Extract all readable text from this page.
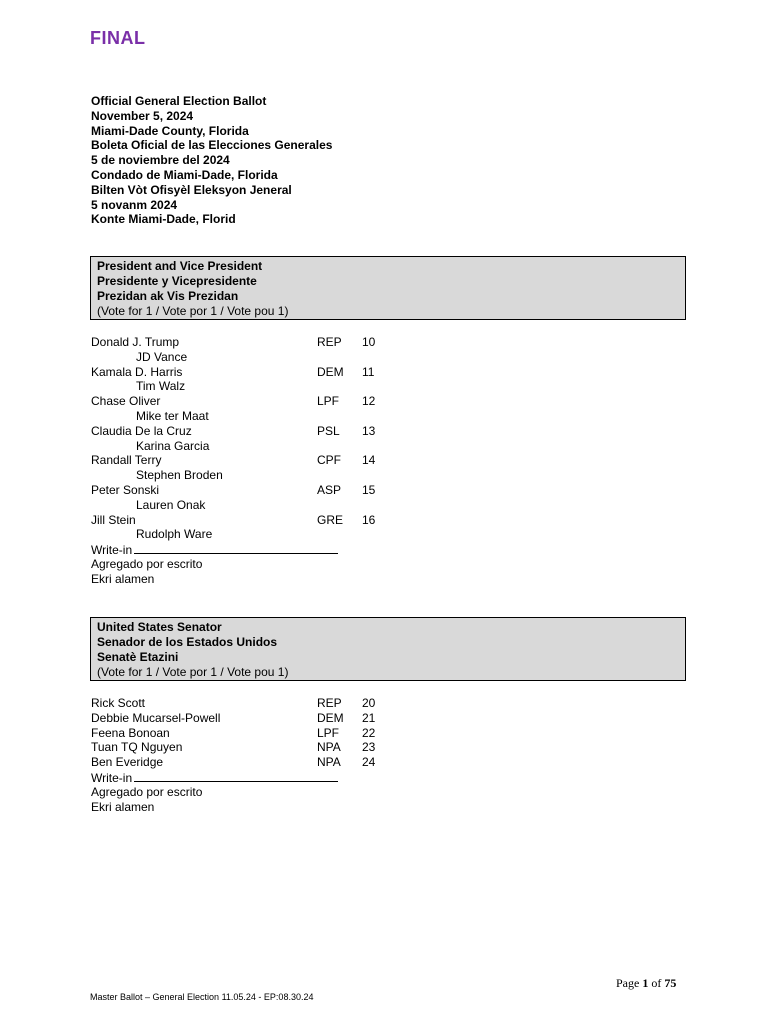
FINAL
Official General Election Ballot
November 5, 2024
Miami-Dade County, Florida
Boleta Oficial de las Elecciones Generales
5 de noviembre del 2024
Condado de Miami-Dade, Florida
Bilten Vòt Ofisyèl Eleksyon Jeneral
5 novanm 2024
Konte Miami-Dade, Florid
President and Vice President
Presidente y Vicepresidente
Prezidan ak Vis Prezidan
(Vote for 1 / Vote por 1 / Vote pou 1)
Donald J. Trump	REP 10
JD Vance
Kamala D. Harris	DEM 11
Tim Walz
Chase Oliver	LPF 12
Mike ter Maat
Claudia De la Cruz	PSL 13
Karina Garcia
Randall Terry	CPF 14
Stephen Broden
Peter Sonski	ASP 15
Lauren Onak
Jill Stein	GRE 16
Rudolph Ware
Write-in
Agregado por escrito
Ekri alamen
United States Senator
Senador de los Estados Unidos
Senatè Etazini
(Vote for 1 / Vote por 1 / Vote pou 1)
Rick Scott	REP 20
Debbie Mucarsel-Powell	DEM 21
Feena Bonoan	LPF 22
Tuan TQ Nguyen	NPA 23
Ben Everidge	NPA 24
Write-in
Agregado por escrito
Ekri alamen
Page 1 of 75
Master Ballot – General Election 11.05.24 - EP:08.30.24
